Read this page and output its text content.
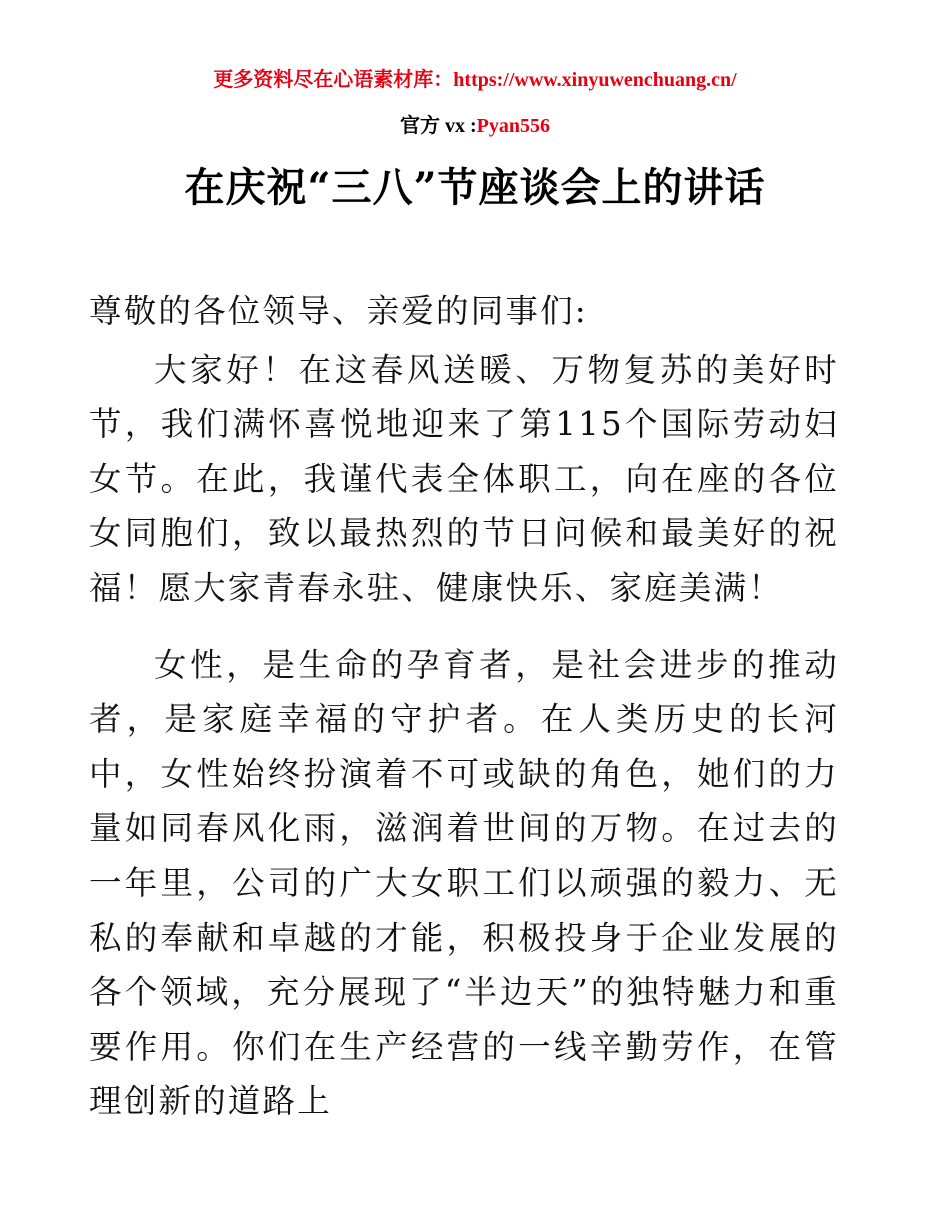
更多资料尽在心语素材库：https://www.xinyuwenchuang.cn/
官方 vx :Pyan556
在庆祝“三八”节座谈会上的讲话

尊敬的各位领导、亲爱的同事们:

大家好！在这春风送暖、万物复苏的美好时节，我们满怀喜悦地迎来了第115个国际劳动妇女节。在此，我谨代表全体职工，向在座的各位女同胞们，致以最热烈的节日问候和最美好的祝福！愿大家青春永驻、健康快乐、家庭美满！

女性，是生命的孕育者，是社会进步的推动者，是家庭幸福的守护者。在人类历史的长河中，女性始终扮演着不可或缺的角色，她们的力量如同春风化雨，滋润着世间的万物。在过去的一年里，公司的广大女职工们以顽强的毅力、无私的奉献和卓越的才能，积极投身于企业发展的各个领域，充分展现了“半边天”的独特魅力和重要作用。你们在生产经营的一线辛勤劳作，在管理创新的道路上
